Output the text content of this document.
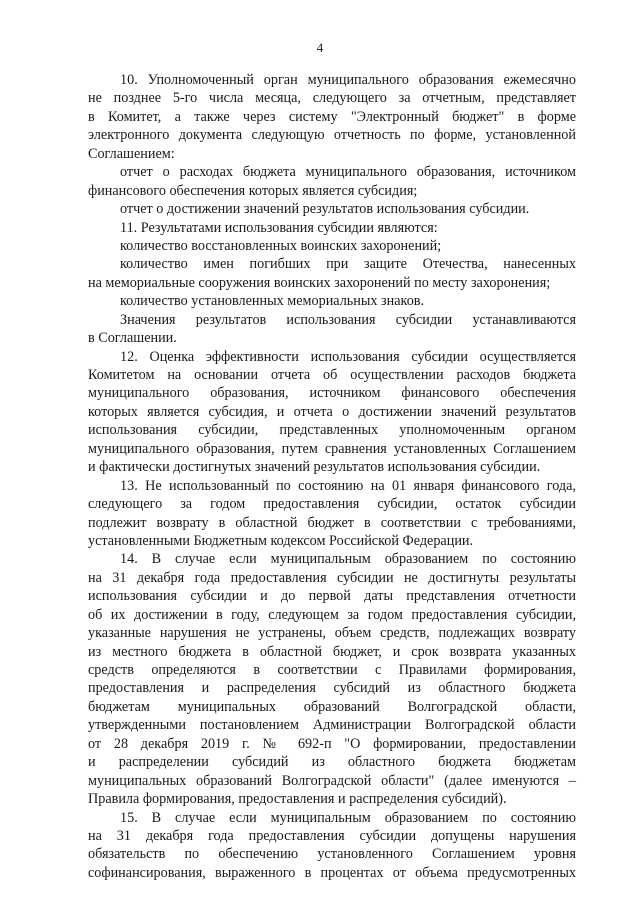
4
10. Уполномоченный орган муниципального образования ежемесячно
не позднее 5-го числа месяца, следующего за отчетным, представляет
в Комитет, а также через систему "Электронный бюджет" в форме
электронного документа следующую отчетность по форме, установленной
Соглашением:
отчет о расходах бюджета муниципального образования, источником
финансового обеспечения которых является субсидия;
отчет о достижении значений результатов использования субсидии.
11. Результатами использования субсидии являются:
количество восстановленных воинских захоронений;
количество имен погибших при защите Отечества, нанесенных
на мемориальные сооружения воинских захоронений по месту захоронения;
количество установленных мемориальных знаков.
Значения результатов использования субсидии устанавливаются
в Соглашении.
12. Оценка эффективности использования субсидии осуществляется
Комитетом на основании отчета об осуществлении расходов бюджета
муниципального образования, источником финансового обеспечения
которых является субсидия, и отчета о достижении значений результатов
использования субсидии, представленных уполномоченным органом
муниципального образования, путем сравнения установленных Соглашением
и фактически достигнутых значений результатов использования субсидии.
13. Не использованный по состоянию на 01 января финансового года,
следующего за годом предоставления субсидии, остаток субсидии
подлежит возврату в областной бюджет в соответствии с требованиями,
установленными Бюджетным кодексом Российской Федерации.
14. В случае если муниципальным образованием по состоянию
на 31 декабря года предоставления субсидии не достигнуты результаты
использования субсидии и до первой даты представления отчетности
об их достижении в году, следующем за годом предоставления субсидии,
указанные нарушения не устранены, объем средств, подлежащих возврату
из местного бюджета в областной бюджет, и срок возврата указанных
средств определяются в соответствии с Правилами формирования,
предоставления и распределения субсидий из областного бюджета
бюджетам муниципальных образований Волгоградской области,
утвержденными постановлением Администрации Волгоградской области
от 28 декабря 2019 г. № 692-п "О формировании, предоставлении
и распределении субсидий из областного бюджета бюджетам
муниципальных образований Волгоградской области" (далее именуются –
Правила формирования, предоставления и распределения субсидий).
15. В случае если муниципальным образованием по состоянию
на 31 декабря года предоставления субсидии допущены нарушения
обязательств по обеспечению установленного Соглашением уровня
софинансирования, выраженного в процентах от объема предусмотренных
